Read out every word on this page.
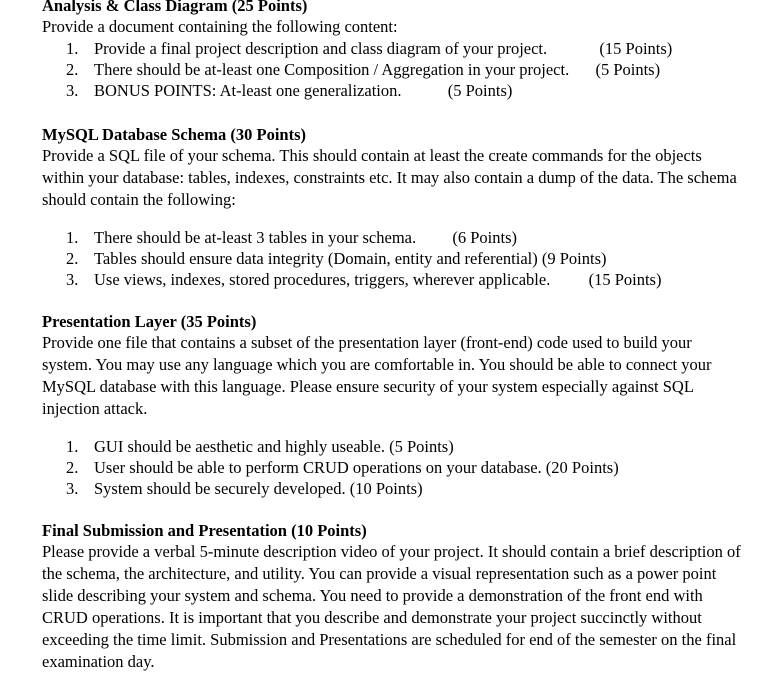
Analysis & Class Diagram (25 Points)
Provide a document containing the following content:
1. Provide a final project description and class diagram of your project.	(15 Points)
2. There should be at-least one Composition / Aggregation in your project. (5 Points)
3. BONUS POINTS: At-least one generalization.	(5 Points)
MySQL Database Schema (30 Points)
Provide a SQL file of your schema. This should contain at least the create commands for the objects within your database: tables, indexes, constraints etc. It may also contain a dump of the data. The schema should contain the following:
1. There should be at-least 3 tables in your schema. (6 Points)
2. Tables should ensure data integrity (Domain, entity and referential) (9 Points)
3. Use views, indexes, stored procedures, triggers, wherever applicable. (15 Points)
Presentation Layer (35 Points)
Provide one file that contains a subset of the presentation layer (front-end) code used to build your system. You may use any language which you are comfortable in. You should be able to connect your MySQL database with this language. Please ensure security of your system especially against SQL injection attack.
1. GUI should be aesthetic and highly useable. (5 Points)
2. User should be able to perform CRUD operations on your database. (20 Points)
3. System should be securely developed. (10 Points)
Final Submission and Presentation (10 Points)
Please provide a verbal 5-minute description video of your project. It should contain a brief description of the schema, the architecture, and utility. You can provide a visual representation such as a power point slide describing your system and schema. You need to provide a demonstration of the front end with CRUD operations. It is important that you describe and demonstrate your project succinctly without exceeding the time limit. Submission and Presentations are scheduled for end of the semester on the final examination day.
